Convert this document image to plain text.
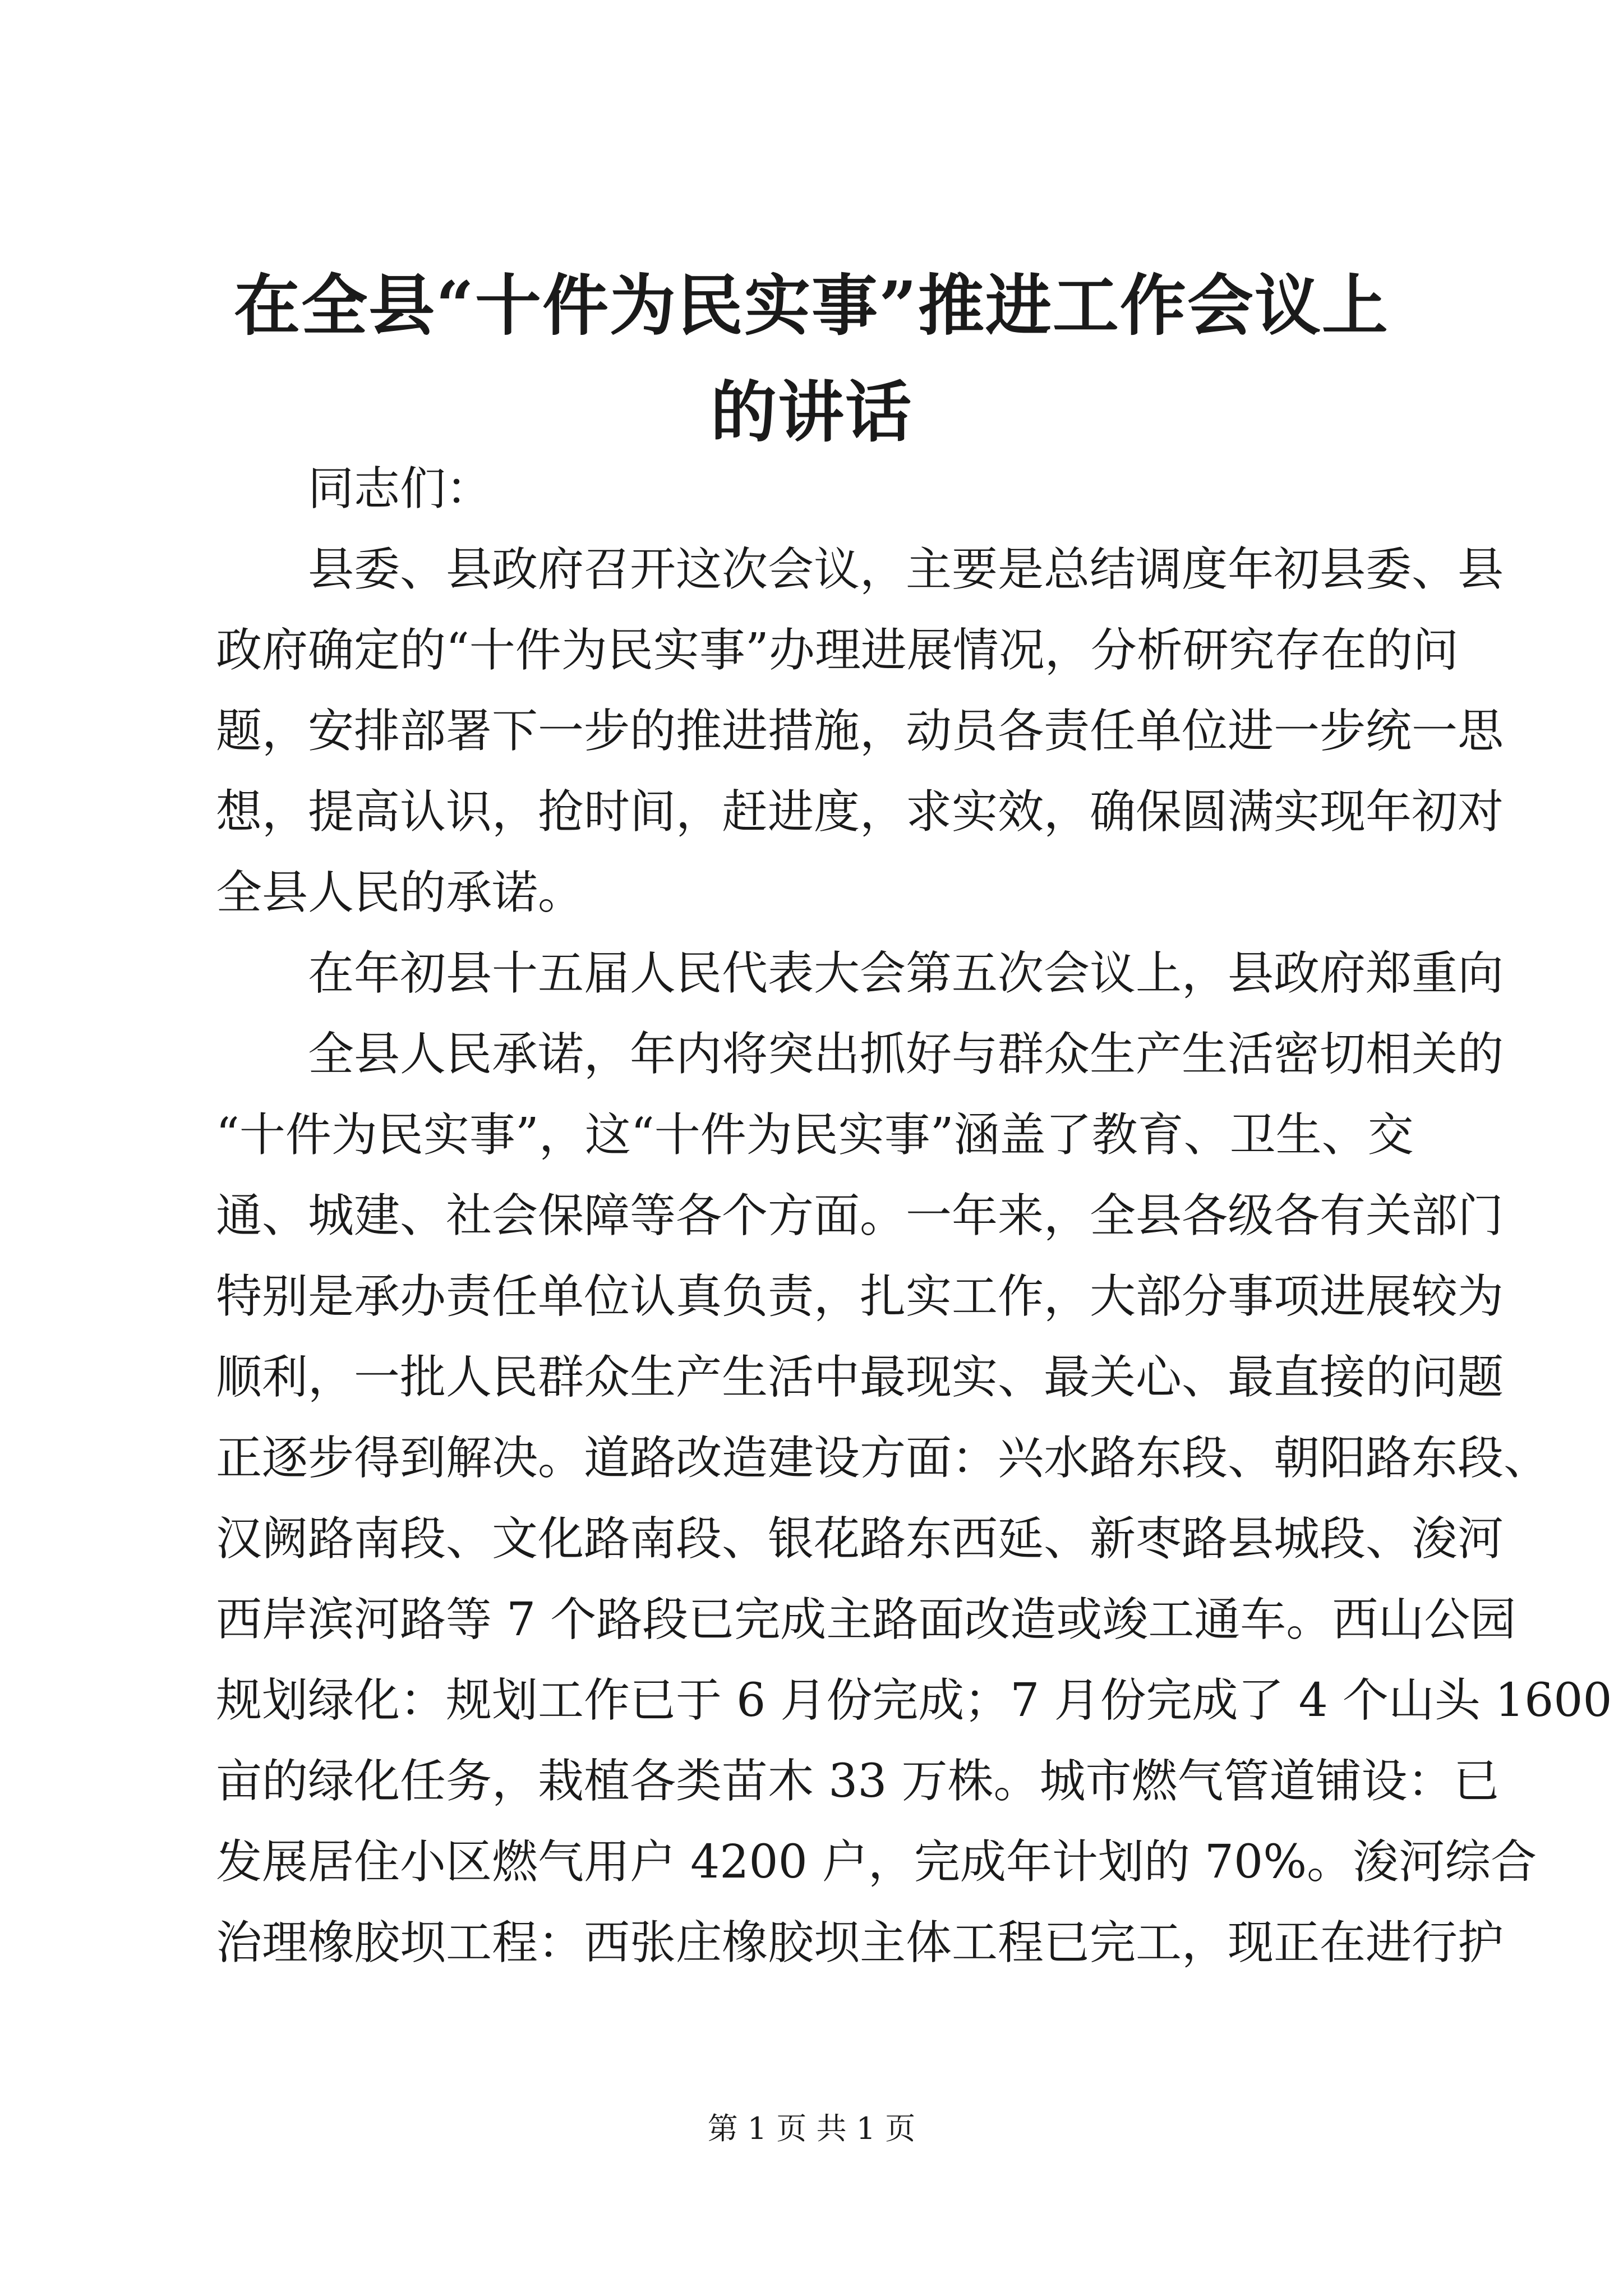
在全县“十件为民实事”推进工作会议上的讲话
同志们：
县委、县政府召开这次会议，主要是总结调度年初县委、县
政府确定的“十件为民实事”办理进展情况，分析研究存在的问
题，安排部署下一步的推进措施，动员各责任单位进一步统一思
想，提高认识，抢时间，赶进度，求实效，确保圆满实现年初对
全县人民的承诺。
在年初县十五届人民代表大会第五次会议上，县政府郑重向
全县人民承诺，年内将突出抓好与群众生产生活密切相关的
“十件为民实事”，这“十件为民实事”涵盖了教育、卫生、交
通、城建、社会保障等各个方面。一年来，全县各级各有关部门
特别是承办责任单位认真负责，扎实工作，大部分事项进展较为
顺利，一批人民群众生产生活中最现实、最关心、最直接的问题
正逐步得到解决。道路改造建设方面：兴水路东段、朝阳路东段、
汉阙路南段、文化路南段、银花路东西延、新枣路县城段、浚河
西岸滨河路等 7 个路段已完成主路面改造或竣工通车。西山公园
规划绿化：规划工作已于 6 月份完成；7 月份完成了 4 个山头 1600
亩的绿化任务，栽植各类苗木 33 万株。城市燃气管道铺设：已
发展居住小区燃气用户 4200 户，完成年计划的 70%。浚河综合
治理橡胶坝工程：西张庄橡胶坝主体工程已完工，现正在进行护
第 1 页 共 1 页
